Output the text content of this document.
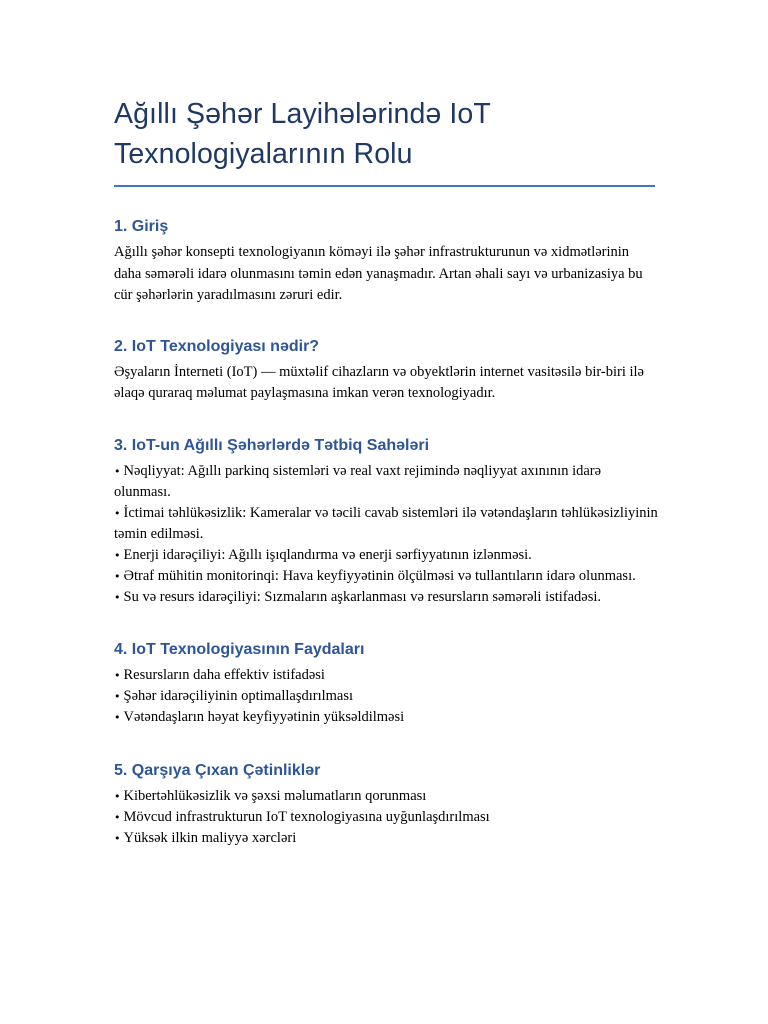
Ağıllı Şəhər Layihələrində IoT
Texnologiyalarının Rolu
1. Giriş

Ağıllı şəhər konsepti texnologiyanın köməyi ilə şəhər infrastrukturunun və xidmətlərinin daha səmərəli idarə olunmasını təmin edən yanaşmadır. Artan əhali sayı və urbanizasiya bu cür şəhərlərin yaradılmasını zəruri edir.

2. IoT Texnologiyası nədir?

Əşyaların İnterneti (IoT) — müxtəlif cihazların və obyektlərin internet vasitəsilə bir-biri ilə əlaqə quraraq məlumat paylaşmasına imkan verən texnologiyadır.

3. IoT-un Ağıllı Şəhərlərdə Tətbiq Sahələri
• Nəqliyyat: Ağıllı parkinq sistemləri və real vaxt rejimində nəqliyyat axınının idarə olunması.
• İctimai təhlükəsizlik: Kameralar və təcili cavab sistemləri ilə vətəndaşların təhlükəsizliyinin təmin edilməsi.
• Enerji idarəçiliyi: Ağıllı işıqlandırma və enerji sərfiyyatının izlənməsi.
• Ətraf mühitin monitorinqi: Hava keyfiyyətinin ölçülməsi və tullantıların idarə olunması.
• Su və resurs idarəçiliyi: Sızmaların aşkarlanması və resursların səmərəli istifadəsi.
4. IoT Texnologiyasının Faydaları
• Resursların daha effektiv istifadəsi
• Şəhər idarəçiliyinin optimallaşdırılması
• Vətəndaşların həyat keyfiyyətinin yüksəldilməsi
5. Qarşıya Çıxan Çətinliklər
• Kibertəhlükəsizlik və şəxsi məlumatların qorunması
• Mövcud infrastrukturun IoT texnologiyasına uyğunlaşdırılması
• Yüksək ilkin maliyyə xərcləri
